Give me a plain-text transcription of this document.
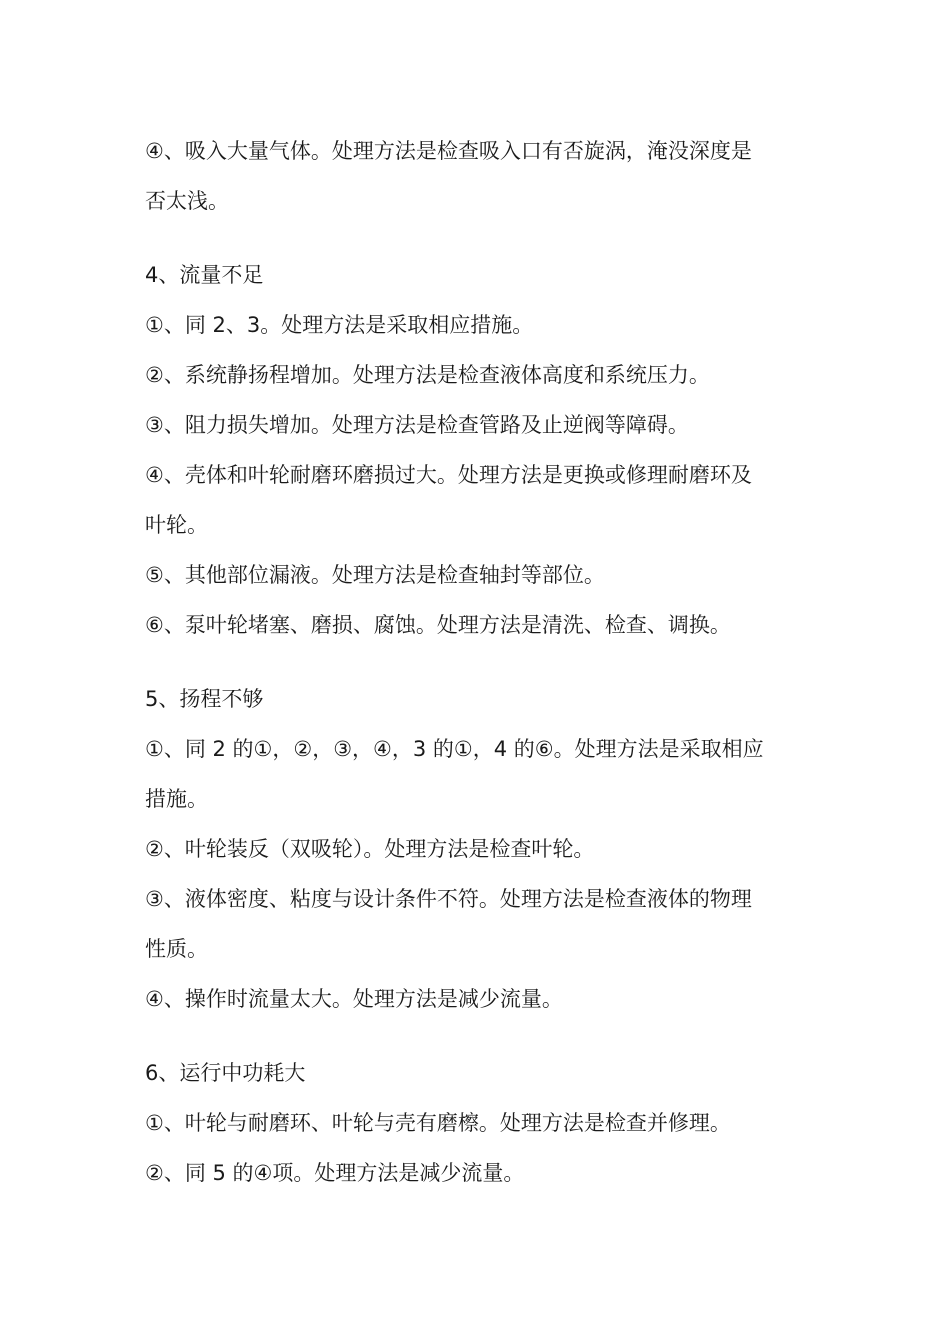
④、吸入大量气体。处理方法是检查吸入口有否旋涡，淹没深度是
否太浅。
4、流量不足
①、同 2、3。处理方法是采取相应措施。
②、系统静扬程增加。处理方法是检查液体高度和系统压力。
③、阻力损失增加。处理方法是检查管路及止逆阀等障碍。
④、壳体和叶轮耐磨环磨损过大。处理方法是更换或修理耐磨环及
叶轮。
⑤、其他部位漏液。处理方法是检查轴封等部位。
⑥、泵叶轮堵塞、磨损、腐蚀。处理方法是清洗、检查、调换。
5、扬程不够
①、同 2 的①，②，③，④，3 的①，4 的⑥。处理方法是采取相应
措施。
②、叶轮装反（双吸轮）。处理方法是检查叶轮。
③、液体密度、粘度与设计条件不符。处理方法是检查液体的物理
性质。
④、操作时流量太大。处理方法是减少流量。
6、运行中功耗大
①、叶轮与耐磨环、叶轮与壳有磨檫。处理方法是检查并修理。
②、同 5 的④项。处理方法是减少流量。
